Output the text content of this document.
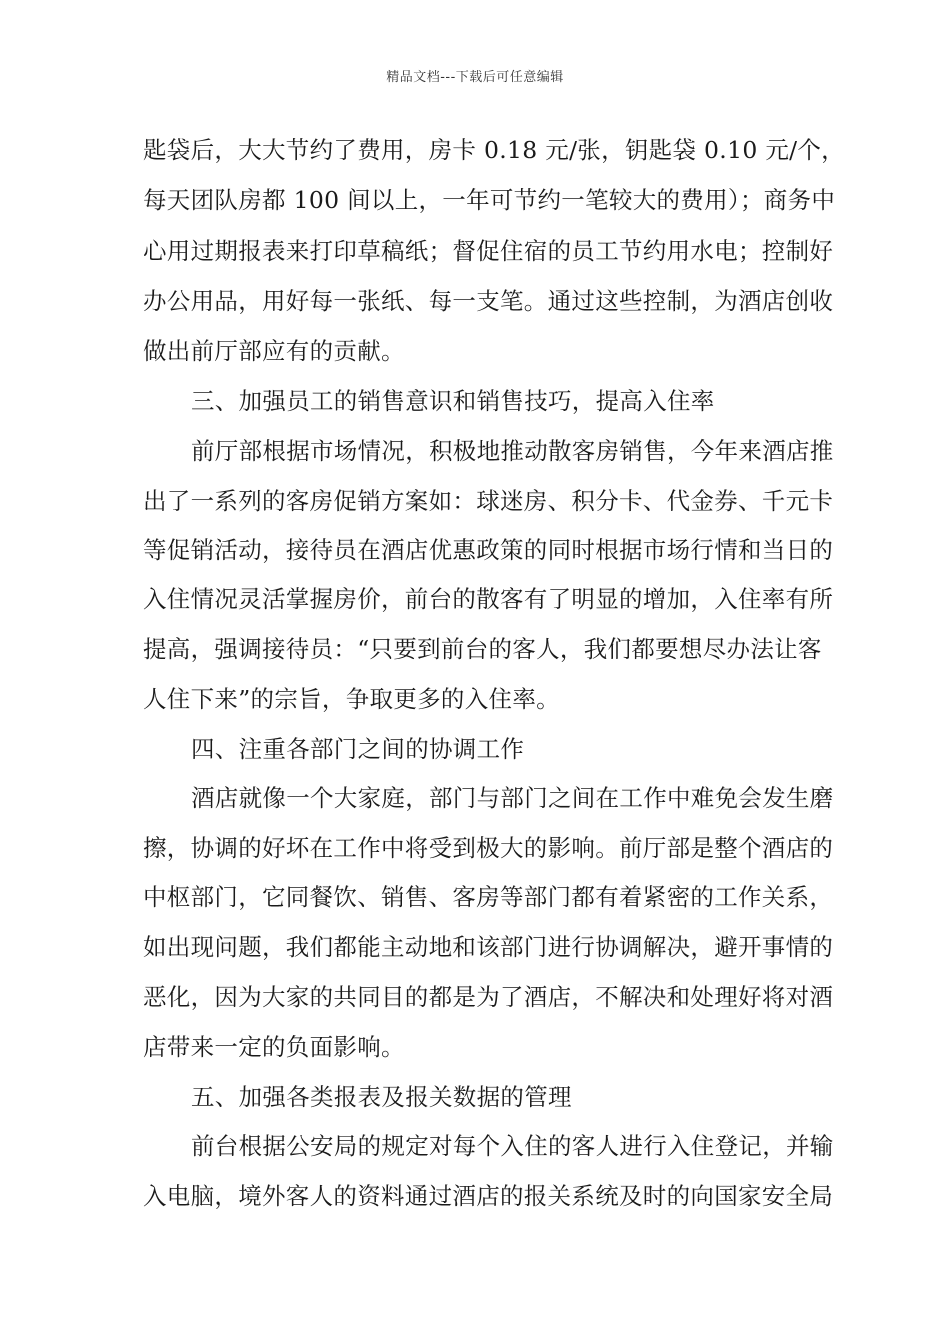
精品文档---下载后可任意编辑
匙袋后，大大节约了费用，房卡 0.18 元/张，钥匙袋 0.10 元/个，
每天团队房都 100 间以上，一年可节约一笔较大的费用）；商务中
心用过期报表来打印草稿纸；督促住宿的员工节约用水电；控制好
办公用品，用好每一张纸、每一支笔。通过这些控制，为酒店创收
做出前厅部应有的贡献。
三、加强员工的销售意识和销售技巧，提高入住率
前厅部根据市场情况，积极地推动散客房销售，今年来酒店推
出了一系列的客房促销方案如：球迷房、积分卡、代金券、千元卡
等促销活动，接待员在酒店优惠政策的同时根据市场行情和当日的
入住情况灵活掌握房价，前台的散客有了明显的增加，入住率有所
提高，强调接待员：“只要到前台的客人，我们都要想尽办法让客
人住下来”的宗旨，争取更多的入住率。
四、注重各部门之间的协调工作
酒店就像一个大家庭，部门与部门之间在工作中难免会发生磨
擦，协调的好坏在工作中将受到极大的影响。前厅部是整个酒店的
中枢部门，它同餐饮、销售、客房等部门都有着紧密的工作关系，
如出现问题，我们都能主动地和该部门进行协调解决，避开事情的
恶化，因为大家的共同目的都是为了酒店，不解决和处理好将对酒
店带来一定的负面影响。
五、加强各类报表及报关数据的管理
前台根据公安局的规定对每个入住的客人进行入住登记，并输
入电脑，境外客人的资料通过酒店的报关系统及时的向国家安全局
